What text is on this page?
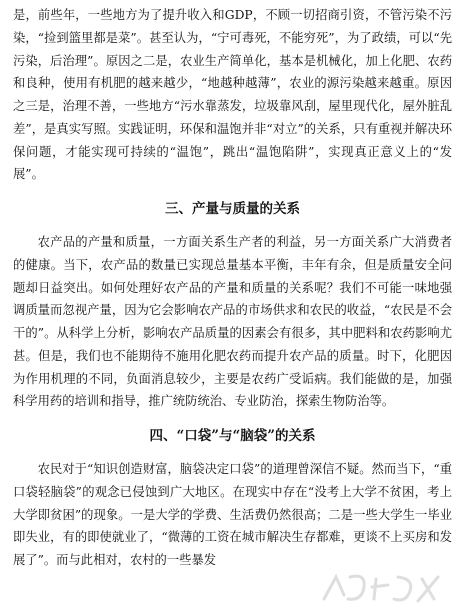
是，前些年，一些地方为了提升收入和GDP，不顾一切招商引资，不管污染不污染，“捡到篮里都是菜”。甚至认为，“宁可毒死，不能穷死”，为了政绩，可以“先污染，后治理”。原因之二是，农业生产简单化，基本是机械化，加上化肥、农药和良种，使用有机肥的越来越少，“地越种越薄”，农业的源污染越来越重。原因之三是，治理不善，一些地方“污水靠蒸发，垃圾靠风刮，屋里现代化，屋外脏乱差”，是真实写照。实践证明，环保和温饱并非“对立”的关系，只有重视并解决环保问题，才能实现可持续的“温饱”，跳出“温饱陷阱”，实现真正意义上的“发展”。

三、产量与质量的关系

农产品的产量和质量，一方面关系生产者的利益，另一方面关系广大消费者的健康。当下，农产品的数量已实现总量基本平衡，丰年有余，但是质量安全问题却日益突出。如何处理好农产品的产量和质量的关系呢？我们不可能一味地强调质量而忽视产量，因为它会影响农产品的市场供求和农民的收益，“农民是不会干的”。从科学上分析，影响农产品质量的因素会有很多，其中肥料和农药影响尤甚。但是，我们也不能期待不施用化肥农药而提升农产品的质量。时下，化肥因为作用机理的不同，负面消息较少，主要是农药广受诟病。我们能做的是，加强科学用药的培训和指导，推广统防统治、专业防治，探索生物防治等。

四、“口袋”与“脑袋”的关系

农民对于“知识创造财富，脑袋决定口袋”的道理曾深信不疑。然而当下，“重口袋轻脑袋”的观念已侵蚀到广大地区。在现实中存在“没考上大学不贫困，考上大学即贫困”的现象。一是大学的学费、生活费仍然很高；二是一些大学生一毕业即失业，有的即使就业了，“微薄的工资在城市解决生存都难，更谈不上买房和发展了”。而与此相对，农村的一些暴发
